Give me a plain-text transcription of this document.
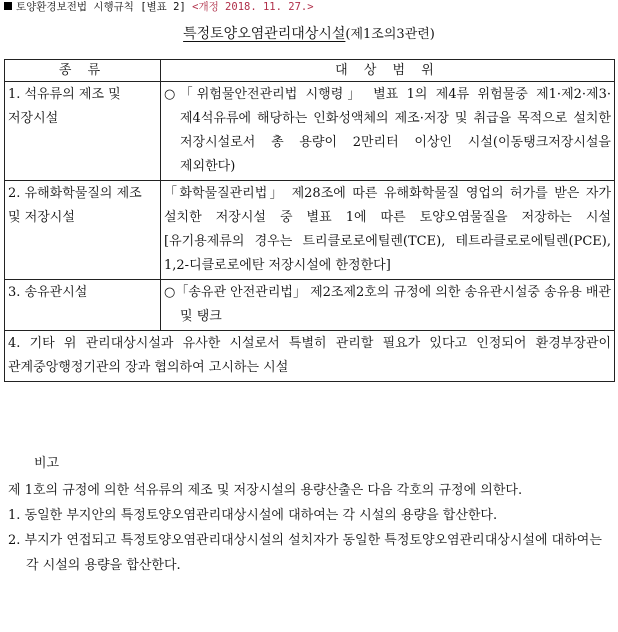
토양환경보전법 시행규칙 [별표 2] <개정 2018. 11. 27.>
특정토양오염관리대상시설(제1조의3관련)
종 류	대 상 범 위
1. 석유류의 제조 및 저장시설	○「위험물안전관리법 시행령」 별표 1의 제4류 위험물중 제1·제2·제3·제4석유류에 해당하는 인화성액체의 제조·저장 및 취급을 목적으로 설치한 저장시설로서 총 용량이 2만리터 이상인 시설(이동탱크저장시설을 제외한다)

2. 유해화학물질의 제조 및 저장시설	「화학물질관리법」 제28조에 따른 유해화학물질 영업의 허가를 받은 자가 설치한 저장시설 중 별표 1에 따른 토양오염물질을 저장하는 시설[유기용제류의 경우는 트리클로로에틸렌(TCE), 테트라클로로에틸렌(PCE), 1,2-디클로로에탄 저장시설에 한정한다]
3. 송유관시설	○「송유관 안전관리법」 제2조제2호의 규정에 의한 송유관시설중 송유용 배관 및 탱크

4. 기타 위 관리대상시설과 유사한 시설로서 특별히 관리할 필요가 있다고 인정되어 환경부장관이 관계중앙행정기관의 장과 협의하여 고시하는 시설	
비고
제 1호의 규정에 의한 석유류의 제조 및 저장시설의 용량산출은 다음 각호의 규정에 의한다.
1. 동일한 부지안의 특정토양오염관리대상시설에 대하여는 각 시설의 용량을 합산한다.
2. 부지가 연접되고 특정토양오염관리대상시설의 설치자가 동일한 특정토양오염관리대상시설에 대하여는 각 시설의 용량을 합산한다.
